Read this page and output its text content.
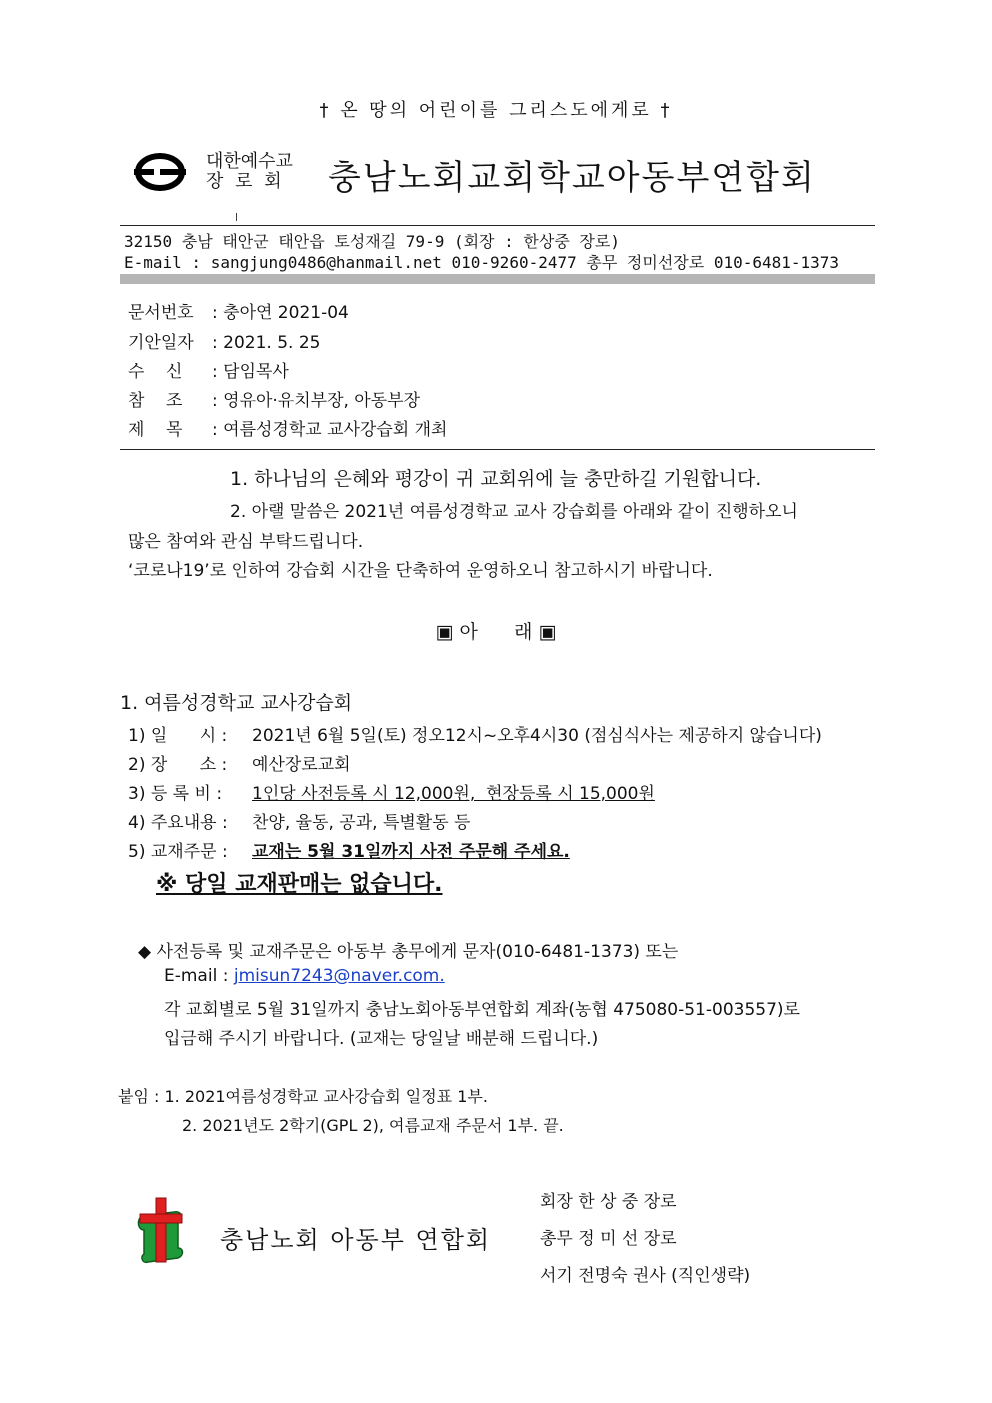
† 온 땅의 어린이를 그리스도에게로 †
대한예수교
장 로 회 충남노회교회학교아동부연합회
32150 충남 태안군 태안읍 토성재길 79-9 (회장 : 한상중 장로)
E-mail : sangjung0486@hanmail.net 010-9260-2477 총무 정미선장로 010-6481-1373
문서번호 : 충아연 2021-04
기안일자 : 2021. 5. 25
수    신 : 담임목사
참    조 : 영유아·유치부장, 아동부장
제    목 : 여름성경학교 교사강습회 개최
1. 하나님의 은혜와 평강이 귀 교회위에 늘 충만하길 기원합니다.
2. 아랠 말씀은 2021년 여름성경학교 교사 강습회를 아래와 같이 진행하오니
많은 참여와 관심 부탁드립니다.
‘코로나19’로 인하여 강습회 시간을 단축하여 운영하오니 참고하시기 바랍니다.
▣ 아      래 ▣
1. 여름성경학교 교사강습회
1) 일      시 : 2021년 6월 5일(토) 정오12시~오후4시30 (점심식사는 제공하지 않습니다)
2) 장      소 : 예산장로교회
3) 등 록 비 : 1인당 사전등록 시 12,000원,  현장등록 시 15,000원
4) 주요내용 : 찬양, 율동, 공과, 특별활동 등
5) 교재주문 : 교재는 5월 31일까지 사전 주문해 주세요.
※ 당일 교재판매는 없습니다.
◆ 사전등록 및 교재주문은 아동부 총무에게 문자(010-6481-1373) 또는
E-mail : jmisun7243@naver.com.
각 교회별로 5월 31일까지 충남노회아동부연합회 계좌(농협 475080-51-003557)로
입금해 주시기 바랍니다. (교재는 당일날 배분해 드립니다.)
붙임 : 1. 2021여름성경학교 교사강습회 일정표 1부.
2. 2021년도 2학기(GPL 2), 여름교재 주문서 1부. 끝.
충남노회 아동부 연합회
회장 한 상 중 장로
총무 정 미 선 장로
서기 전명숙 권사 (직인생략)
